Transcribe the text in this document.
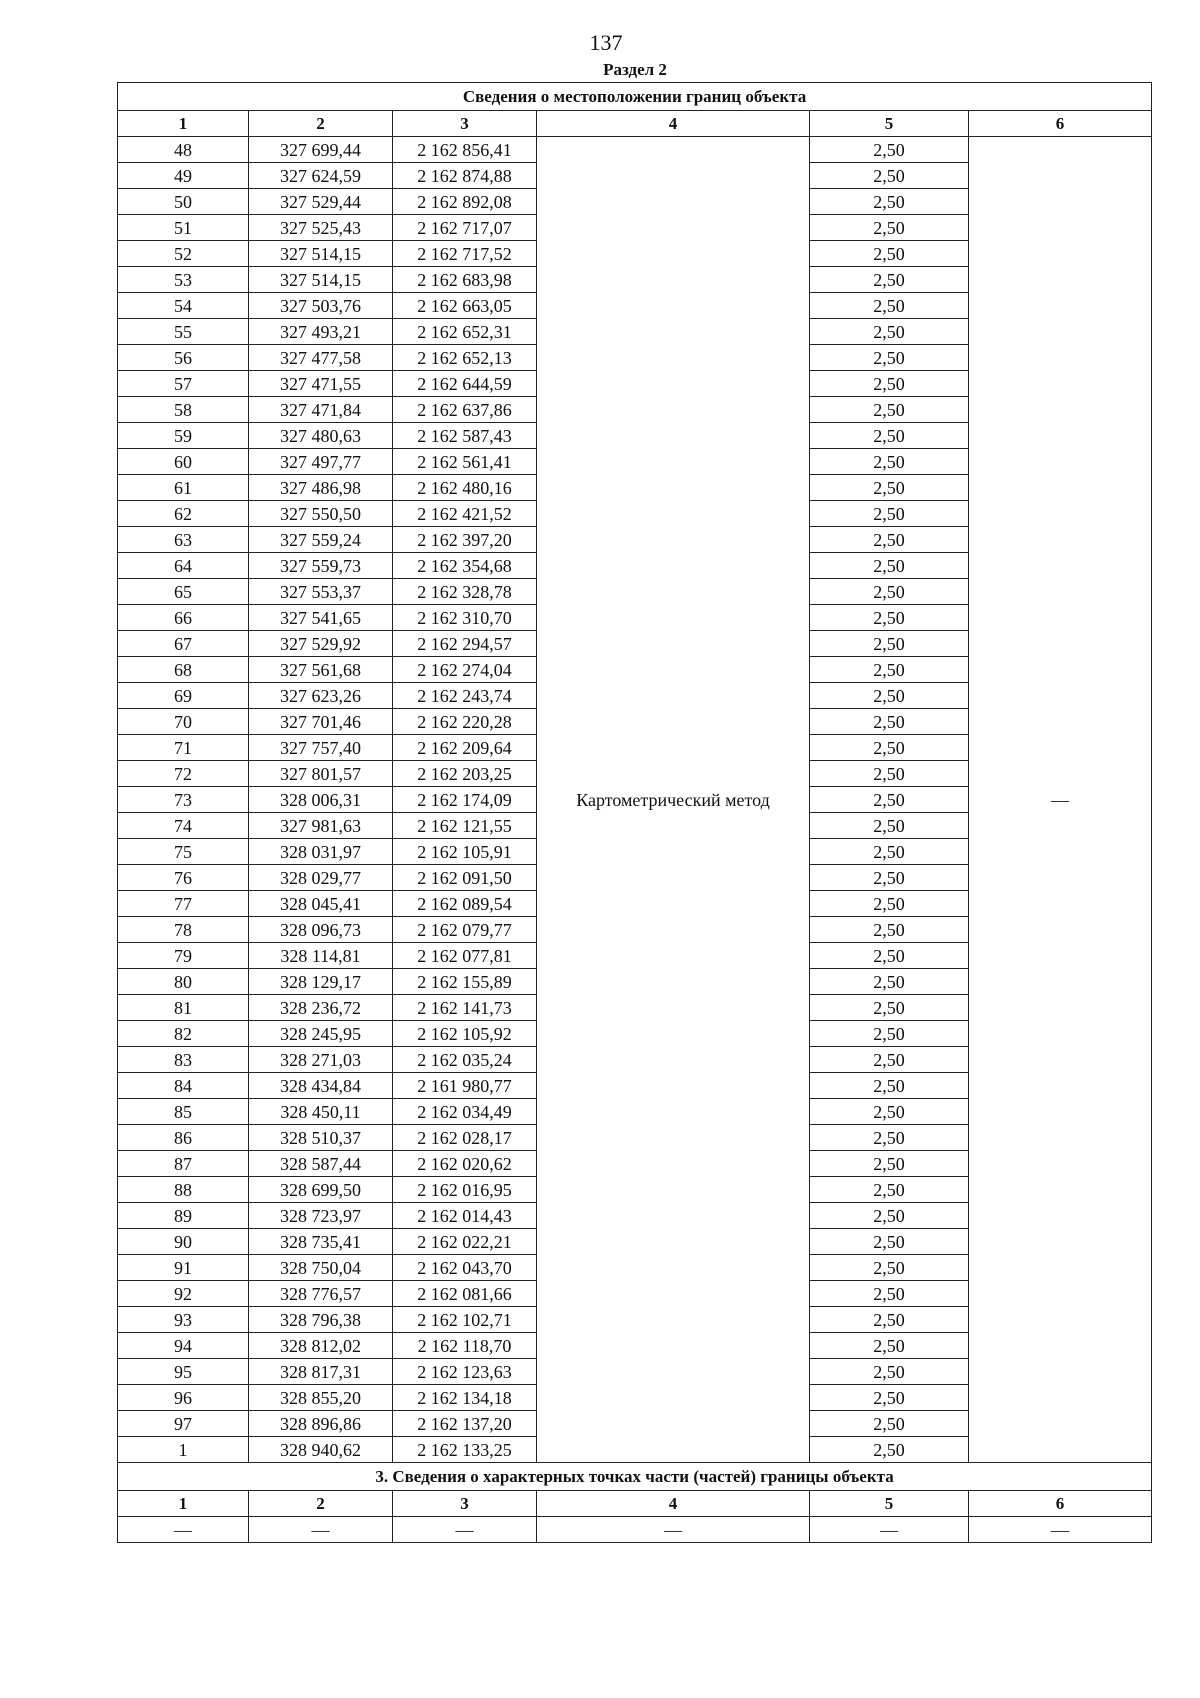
137
Раздел 2
Сведения о местоположении границ объекта					
1	2	3	4	5	6
48	327 699,44	2 162 856,41	Картометрический метод	2,50	—
49	327 624,59	2 162 874,88		2,50	
50	327 529,44	2 162 892,08		2,50	
51	327 525,43	2 162 717,07		2,50	
52	327 514,15	2 162 717,52		2,50	
53	327 514,15	2 162 683,98		2,50	
54	327 503,76	2 162 663,05		2,50	
55	327 493,21	2 162 652,31		2,50	
56	327 477,58	2 162 652,13		2,50	
57	327 471,55	2 162 644,59		2,50	
58	327 471,84	2 162 637,86		2,50	
59	327 480,63	2 162 587,43		2,50	
60	327 497,77	2 162 561,41		2,50	
61	327 486,98	2 162 480,16		2,50	
62	327 550,50	2 162 421,52		2,50	
63	327 559,24	2 162 397,20		2,50	
64	327 559,73	2 162 354,68		2,50	
65	327 553,37	2 162 328,78		2,50	
66	327 541,65	2 162 310,70		2,50	
67	327 529,92	2 162 294,57		2,50	
68	327 561,68	2 162 274,04		2,50	
69	327 623,26	2 162 243,74		2,50	
70	327 701,46	2 162 220,28		2,50	
71	327 757,40	2 162 209,64		2,50	
72	327 801,57	2 162 203,25		2,50	
73	328 006,31	2 162 174,09		2,50	
74	327 981,63	2 162 121,55		2,50	
75	328 031,97	2 162 105,91		2,50	
76	328 029,77	2 162 091,50		2,50	
77	328 045,41	2 162 089,54		2,50	
78	328 096,73	2 162 079,77		2,50	
79	328 114,81	2 162 077,81		2,50	
80	328 129,17	2 162 155,89		2,50	
81	328 236,72	2 162 141,73		2,50	
82	328 245,95	2 162 105,92		2,50	
83	328 271,03	2 162 035,24		2,50	
84	328 434,84	2 161 980,77		2,50	
85	328 450,11	2 162 034,49		2,50	
86	328 510,37	2 162 028,17		2,50	
87	328 587,44	2 162 020,62		2,50	
88	328 699,50	2 162 016,95		2,50	
89	328 723,97	2 162 014,43		2,50	
90	328 735,41	2 162 022,21		2,50	
91	328 750,04	2 162 043,70		2,50	
92	328 776,57	2 162 081,66		2,50	
93	328 796,38	2 162 102,71		2,50	
94	328 812,02	2 162 118,70		2,50	
95	328 817,31	2 162 123,63		2,50	
96	328 855,20	2 162 134,18		2,50	
97	328 896,86	2 162 137,20		2,50	
1	328 940,62	2 162 133,25		2,50	
3. Сведения о характерных точках части (частей) границы объекта					
1	2	3	4	5	6
—	—	—	—	—	—
